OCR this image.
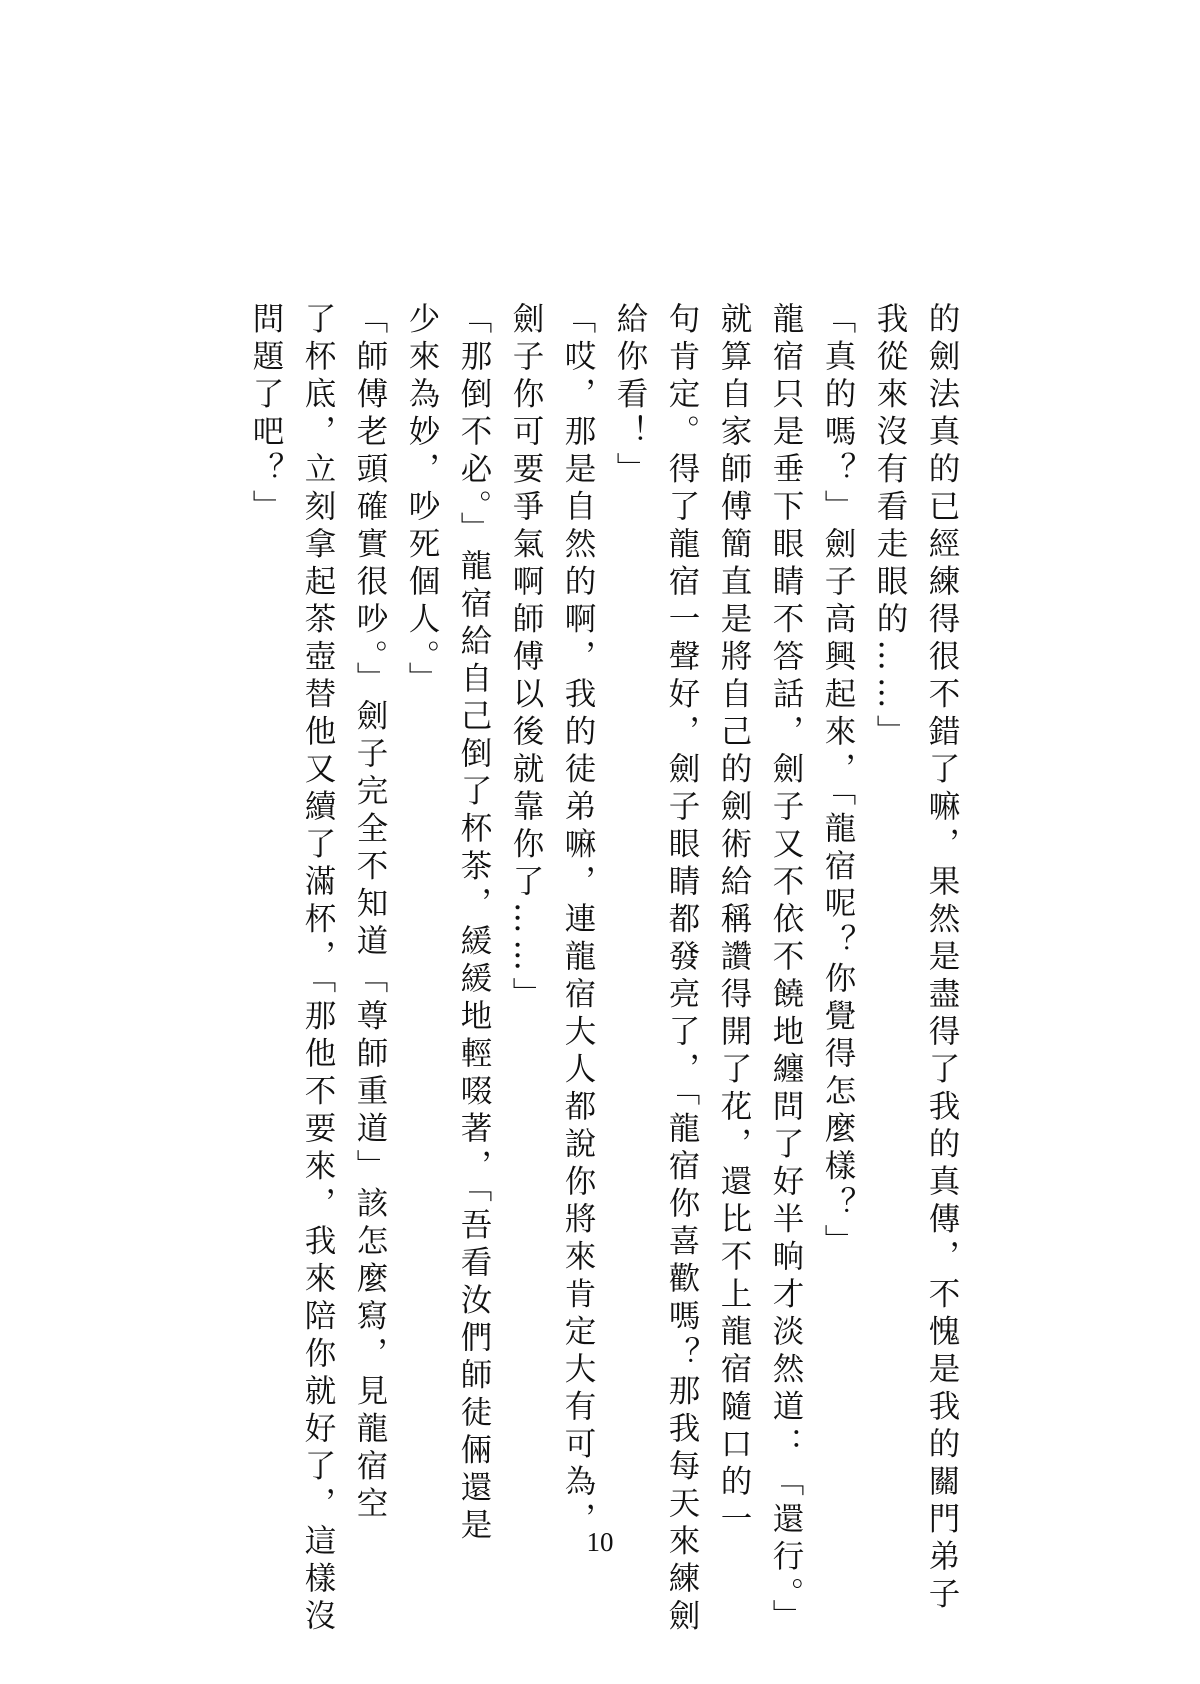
的劍法真的已經練得很不錯了嘛，果然是盡得了我的真傳，不愧是我的關門弟子
我從來沒有看走眼的……」
「真的嗎？」劍子高興起來，「龍宿呢？你覺得怎麼樣？」
龍宿只是垂下眼睛不答話，劍子又不依不饒地纏問了好半晌才淡然道：「還行。」
就算自家師傅簡直是將自己的劍術給稱讚得開了花，還比不上龍宿隨口的一
句肯定。得了龍宿一聲好，劍子眼睛都發亮了，「龍宿你喜歡嗎？那我每天來練劍
給你看！」
「哎，那是自然的啊，我的徒弟嘛，連龍宿大人都說你將來肯定大有可為，
劍子你可要爭氣啊師傅以後就靠你了……」
「那倒不必。」龍宿給自己倒了杯茶，緩緩地輕啜著，「吾看汝們師徒倆還是
少來為妙，吵死個人。」
「師傅老頭確實很吵。」劍子完全不知道「尊師重道」該怎麼寫，見龍宿空
了杯底，立刻拿起茶壺替他又續了滿杯，「那他不要來，我來陪你就好了，這樣沒
問題了吧？」
10
